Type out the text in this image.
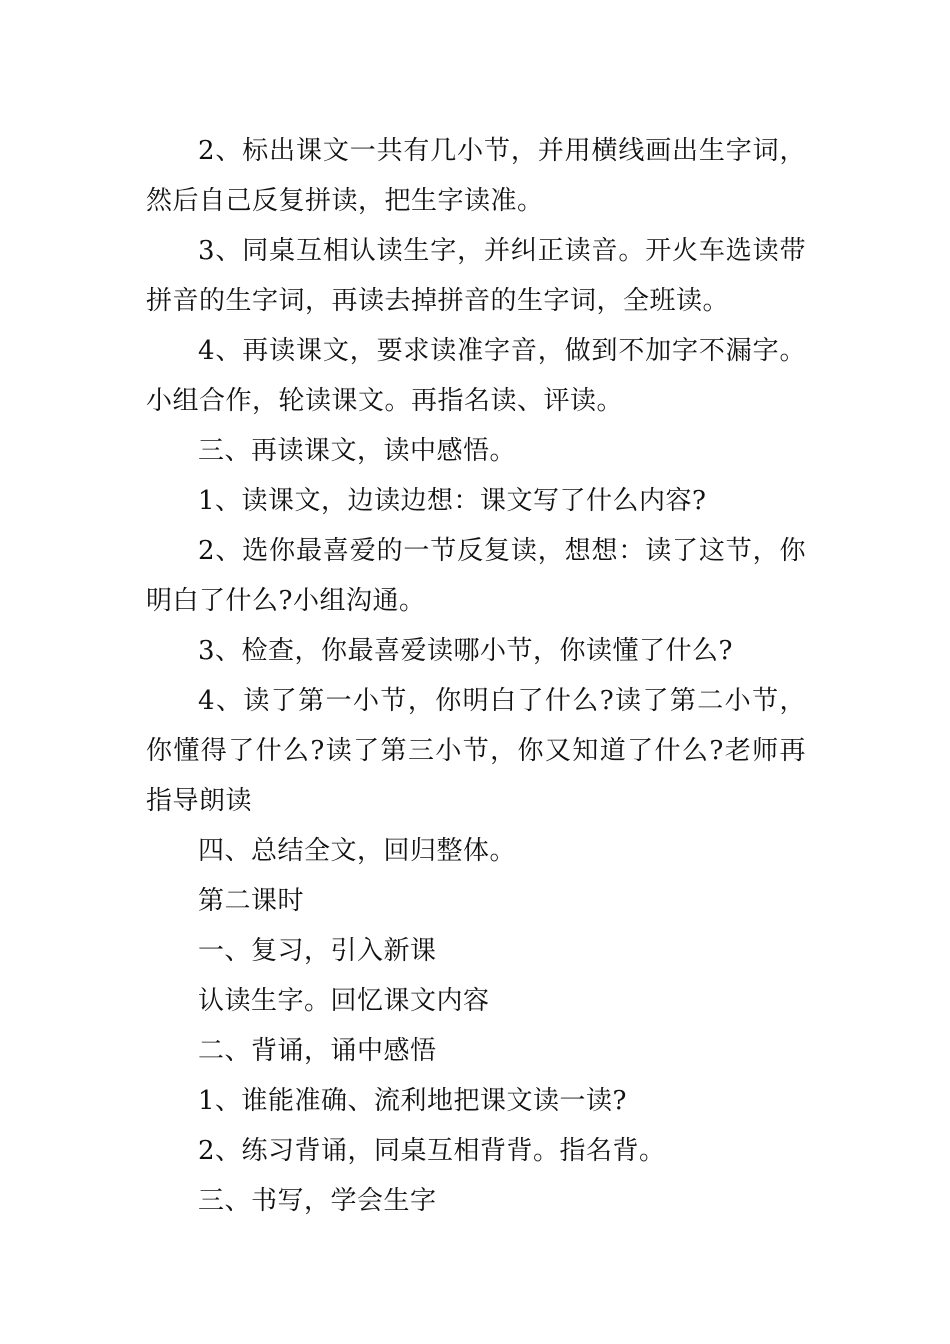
2、标出课文一共有几小节，并用横线画出生字词，然后自己反复拼读，把生字读准。

3、同桌互相认读生字，并纠正读音。开火车选读带拼音的生字词，再读去掉拼音的生字词，全班读。

4、再读课文，要求读准字音，做到不加字不漏字。小组合作，轮读课文。再指名读、评读。

三、再读课文，读中感悟。

1、读课文，边读边想：课文写了什么内容?

2、选你最喜爱的一节反复读，想想：读了这节，你明白了什么?小组沟通。

3、检查，你最喜爱读哪小节，你读懂了什么?

4、读了第一小节，你明白了什么?读了第二小节，你懂得了什么?读了第三小节，你又知道了什么?老师再指导朗读

四、总结全文，回归整体。

第二课时

一、复习，引入新课

认读生字。回忆课文内容

二、背诵，诵中感悟

1、谁能准确、流利地把课文读一读?

2、练习背诵，同桌互相背背。指名背。

三、书写，学会生字
